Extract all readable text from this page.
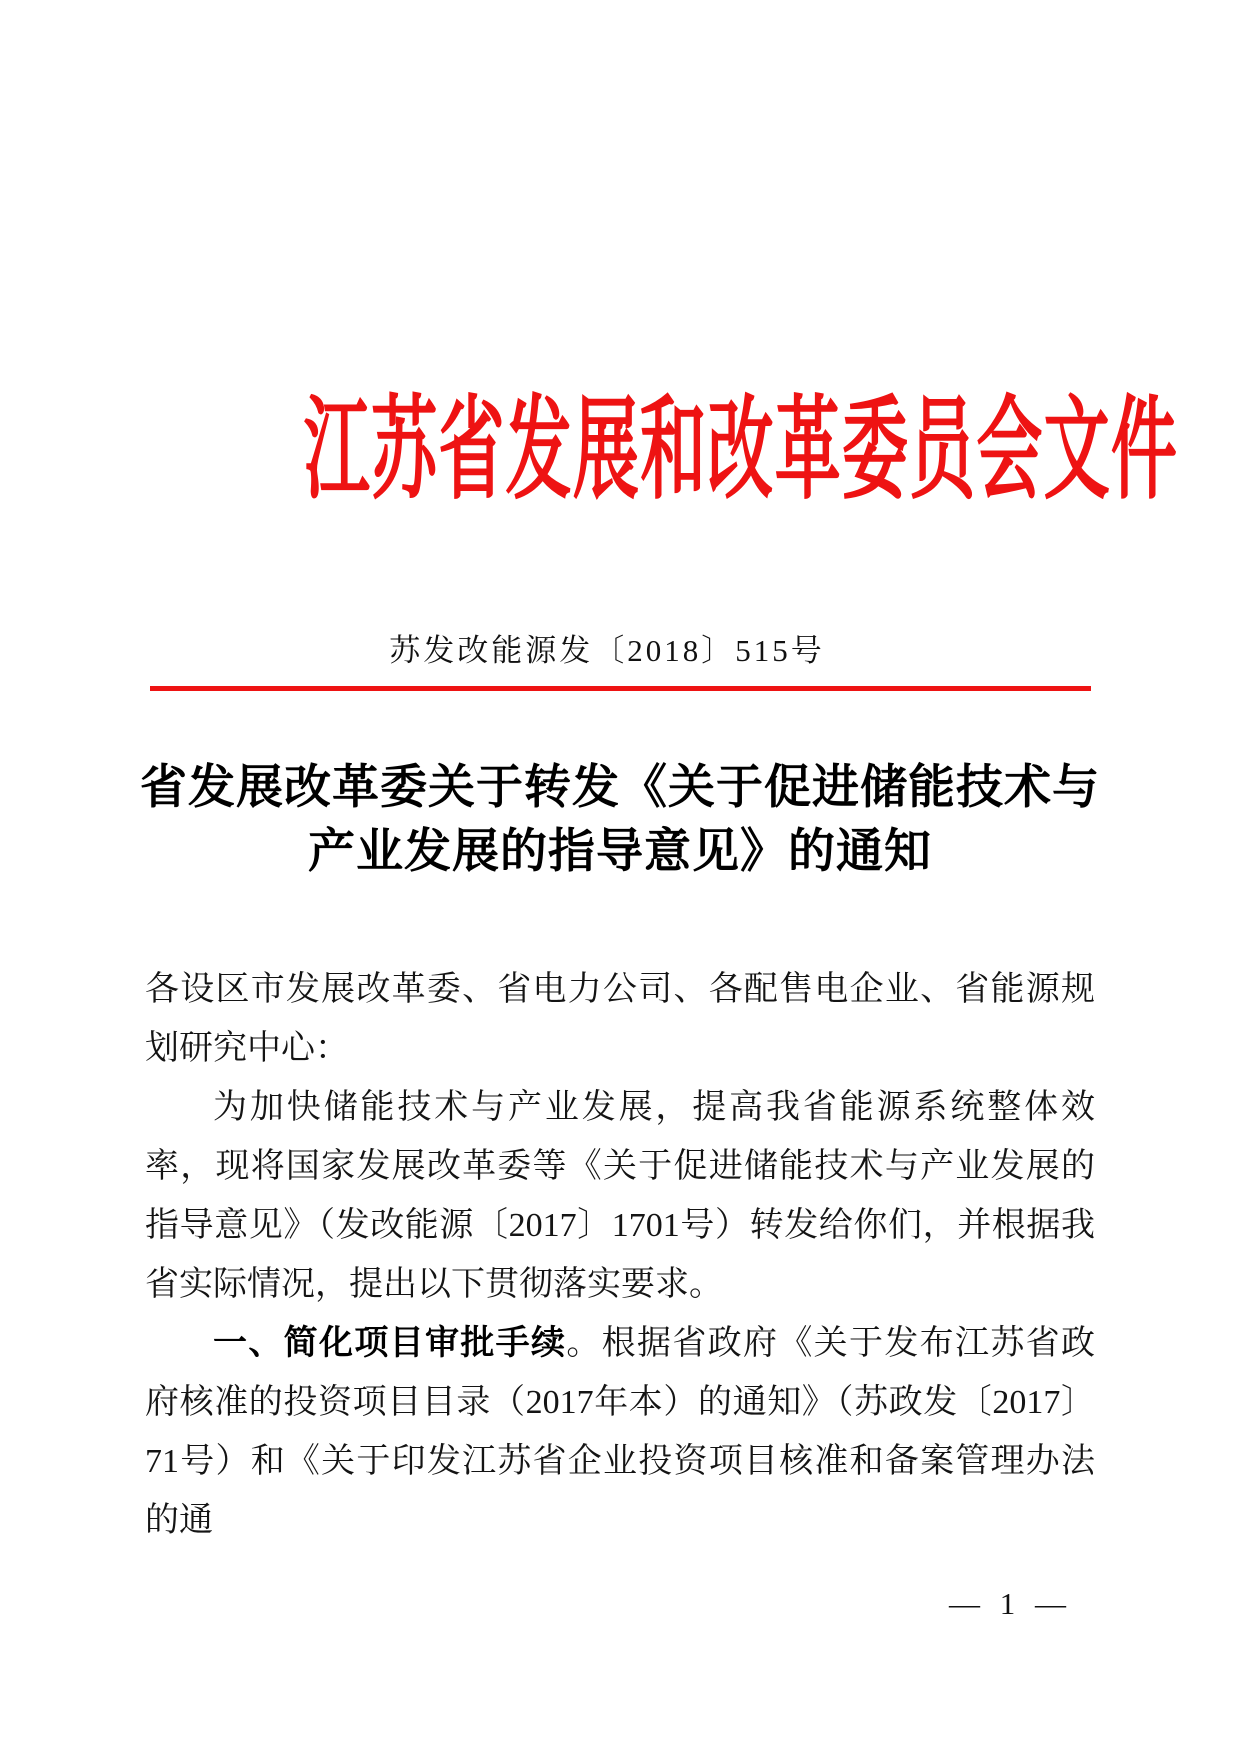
江苏省发展和改革委员会文件
苏发改能源发〔2018〕515号
省发展改革委关于转发《关于促进储能技术与
产业发展的指导意见》的通知

各设区市发展改革委、省电力公司、各配售电企业、省能源规划研究中心：

为加快储能技术与产业发展，提高我省能源系统整体效率，现将国家发展改革委等《关于促进储能技术与产业发展的指导意见》（发改能源〔2017〕1701号）转发给你们，并根据我省实际情况，提出以下贯彻落实要求。

一、简化项目审批手续。根据省政府《关于发布江苏省政府核准的投资项目目录（2017年本）的通知》（苏政发〔2017〕71号）和《关于印发江苏省企业投资项目核准和备案管理办法的通

— 1 —
